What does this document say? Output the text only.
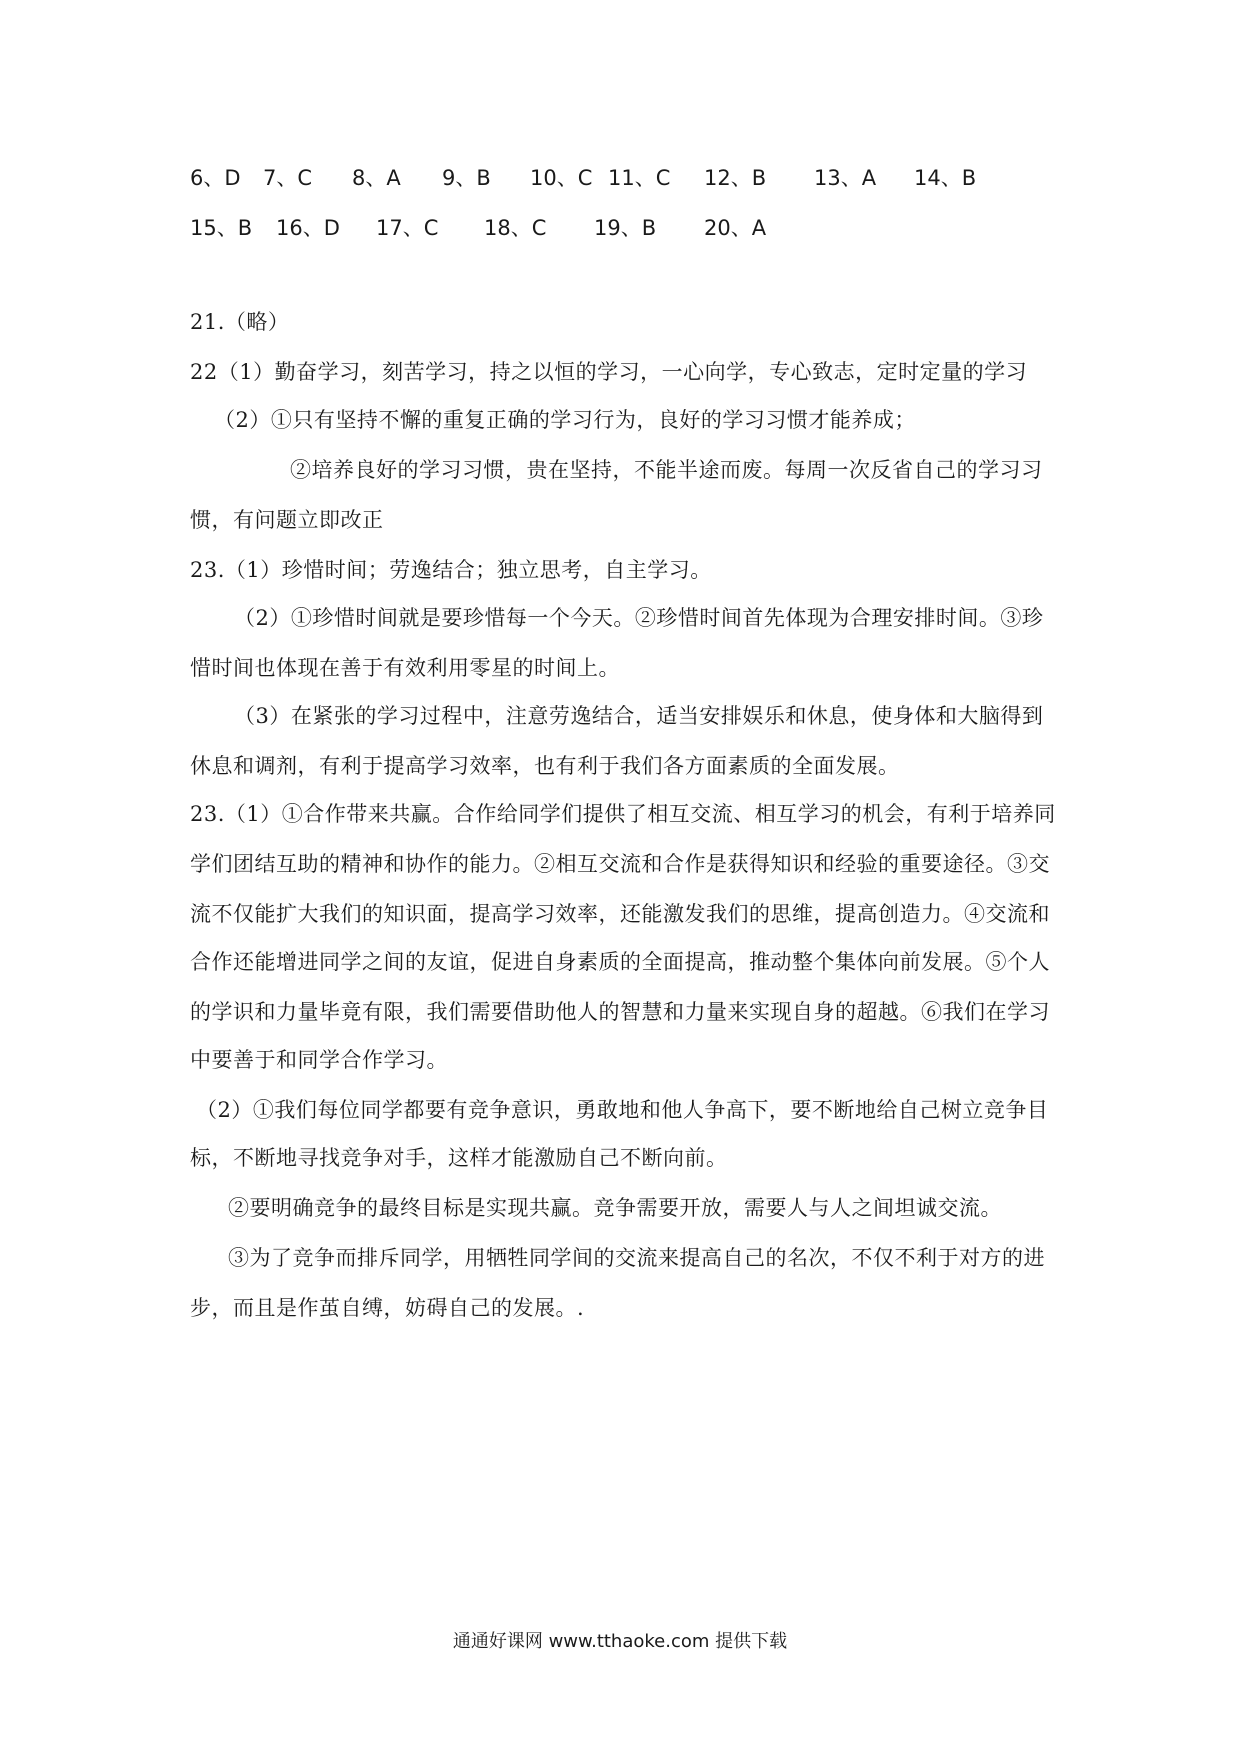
6、D 7、C 8、A 9、B 10、C 11、C 12、B 13、A 14、B
15、B 16、D 17、C 18、C 19、B 20、A
21.（略）
22（1）勤奋学习，刻苦学习，持之以恒的学习，一心向学，专心致志，定时定量的学习
（2）①只有坚持不懈的重复正确的学习行为，良好的学习习惯才能养成；
②培养良好的学习习惯，贵在坚持，不能半途而废。每周一次反省自己的学习习
惯，有问题立即改正
23.（1）珍惜时间；劳逸结合；独立思考，自主学习。
（2）①珍惜时间就是要珍惜每一个今天。②珍惜时间首先体现为合理安排时间。③珍
惜时间也体现在善于有效利用零星的时间上。
（3）在紧张的学习过程中，注意劳逸结合，适当安排娱乐和休息，使身体和大脑得到
休息和调剂，有利于提高学习效率，也有利于我们各方面素质的全面发展。
23.（1）①合作带来共赢。合作给同学们提供了相互交流、相互学习的机会，有利于培养同
学们团结互助的精神和协作的能力。②相互交流和合作是获得知识和经验的重要途径。③交
流不仅能扩大我们的知识面，提高学习效率，还能激发我们的思维，提高创造力。④交流和
合作还能增进同学之间的友谊，促进自身素质的全面提高，推动整个集体向前发展。⑤个人
的学识和力量毕竟有限，我们需要借助他人的智慧和力量来实现自身的超越。⑥我们在学习
中要善于和同学合作学习。
（2）①我们每位同学都要有竞争意识，勇敢地和他人争高下，要不断地给自己树立竞争目
标，不断地寻找竞争对手，这样才能激励自己不断向前。
②要明确竞争的最终目标是实现共赢。竞争需要开放，需要人与人之间坦诚交流。
③为了竞争而排斥同学，用牺牲同学间的交流来提高自己的名次，不仅不利于对方的进
步，而且是作茧自缚，妨碍自己的发展。.
通通好课网 www.tthaoke.com 提供下载
